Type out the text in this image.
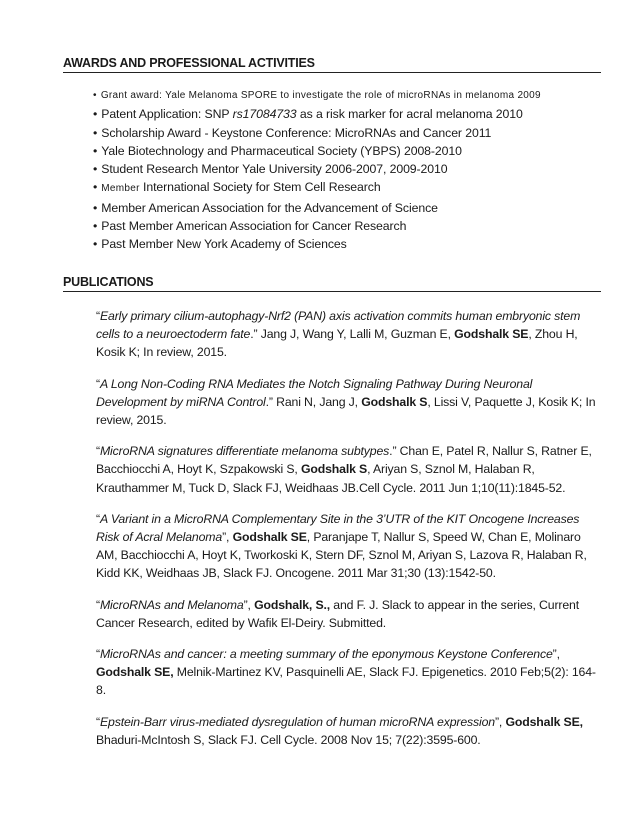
AWARDS AND PROFESSIONAL ACTIVITIES
• Grant award: Yale Melanoma SPORE to investigate the role of microRNAs in melanoma 2009
• Patent Application: SNP rs17084733 as a risk marker for acral melanoma 2010
• Scholarship Award - Keystone Conference: MicroRNAs and Cancer 2011
• Yale Biotechnology and Pharmaceutical Society (YBPS) 2008-2010
• Student Research Mentor Yale University 2006-2007, 2009-2010
• Member International Society for Stem Cell Research
• Member American Association for the Advancement of Science
• Past Member American Association for Cancer Research
• Past Member New York Academy of Sciences
PUBLICATIONS

“Early primary cilium-autophagy-Nrf2 (PAN) axis activation commits human embryonic stem cells to a neuroectoderm fate.” Jang J, Wang Y, Lalli M, Guzman E, Godshalk SE, Zhou H, Kosik K; In review, 2015.

“A Long Non-Coding RNA Mediates the Notch Signaling Pathway During Neuronal Development by miRNA Control.” Rani N, Jang J, Godshalk S, Lissi V, Paquette J, Kosik K; In review, 2015.

“MicroRNA signatures differentiate melanoma subtypes.” Chan E, Patel R, Nallur S, Ratner E, Bacchiocchi A, Hoyt K, Szpakowski S, Godshalk S, Ariyan S, Sznol M, Halaban R, Krauthammer M, Tuck D, Slack FJ, Weidhaas JB.Cell Cycle. 2011 Jun 1;10(11):1845-52.

“A Variant in a MicroRNA Complementary Site in the 3’UTR of the KIT Oncogene Increases Risk of Acral Melanoma”, Godshalk SE, Paranjape T, Nallur S, Speed W, Chan E, Molinaro AM, Bacchiocchi A, Hoyt K, Tworkoski K, Stern DF, Sznol M, Ariyan S, Lazova R, Halaban R, Kidd KK, Weidhaas JB, Slack FJ. Oncogene. 2011 Mar 31;30 (13):1542-50.

“MicroRNAs and Melanoma”, Godshalk, S., and F. J. Slack to appear in the series, Current Cancer Research, edited by Wafik El-Deiry. Submitted.

“MicroRNAs and cancer: a meeting summary of the eponymous Keystone Conference”, Godshalk SE, Melnik-Martinez KV, Pasquinelli AE, Slack FJ. Epigenetics. 2010 Feb;5(2): 164-8.

“Epstein-Barr virus-mediated dysregulation of human microRNA expression”, Godshalk SE, Bhaduri-McIntosh S, Slack FJ. Cell Cycle. 2008 Nov 15; 7(22):3595-600.
